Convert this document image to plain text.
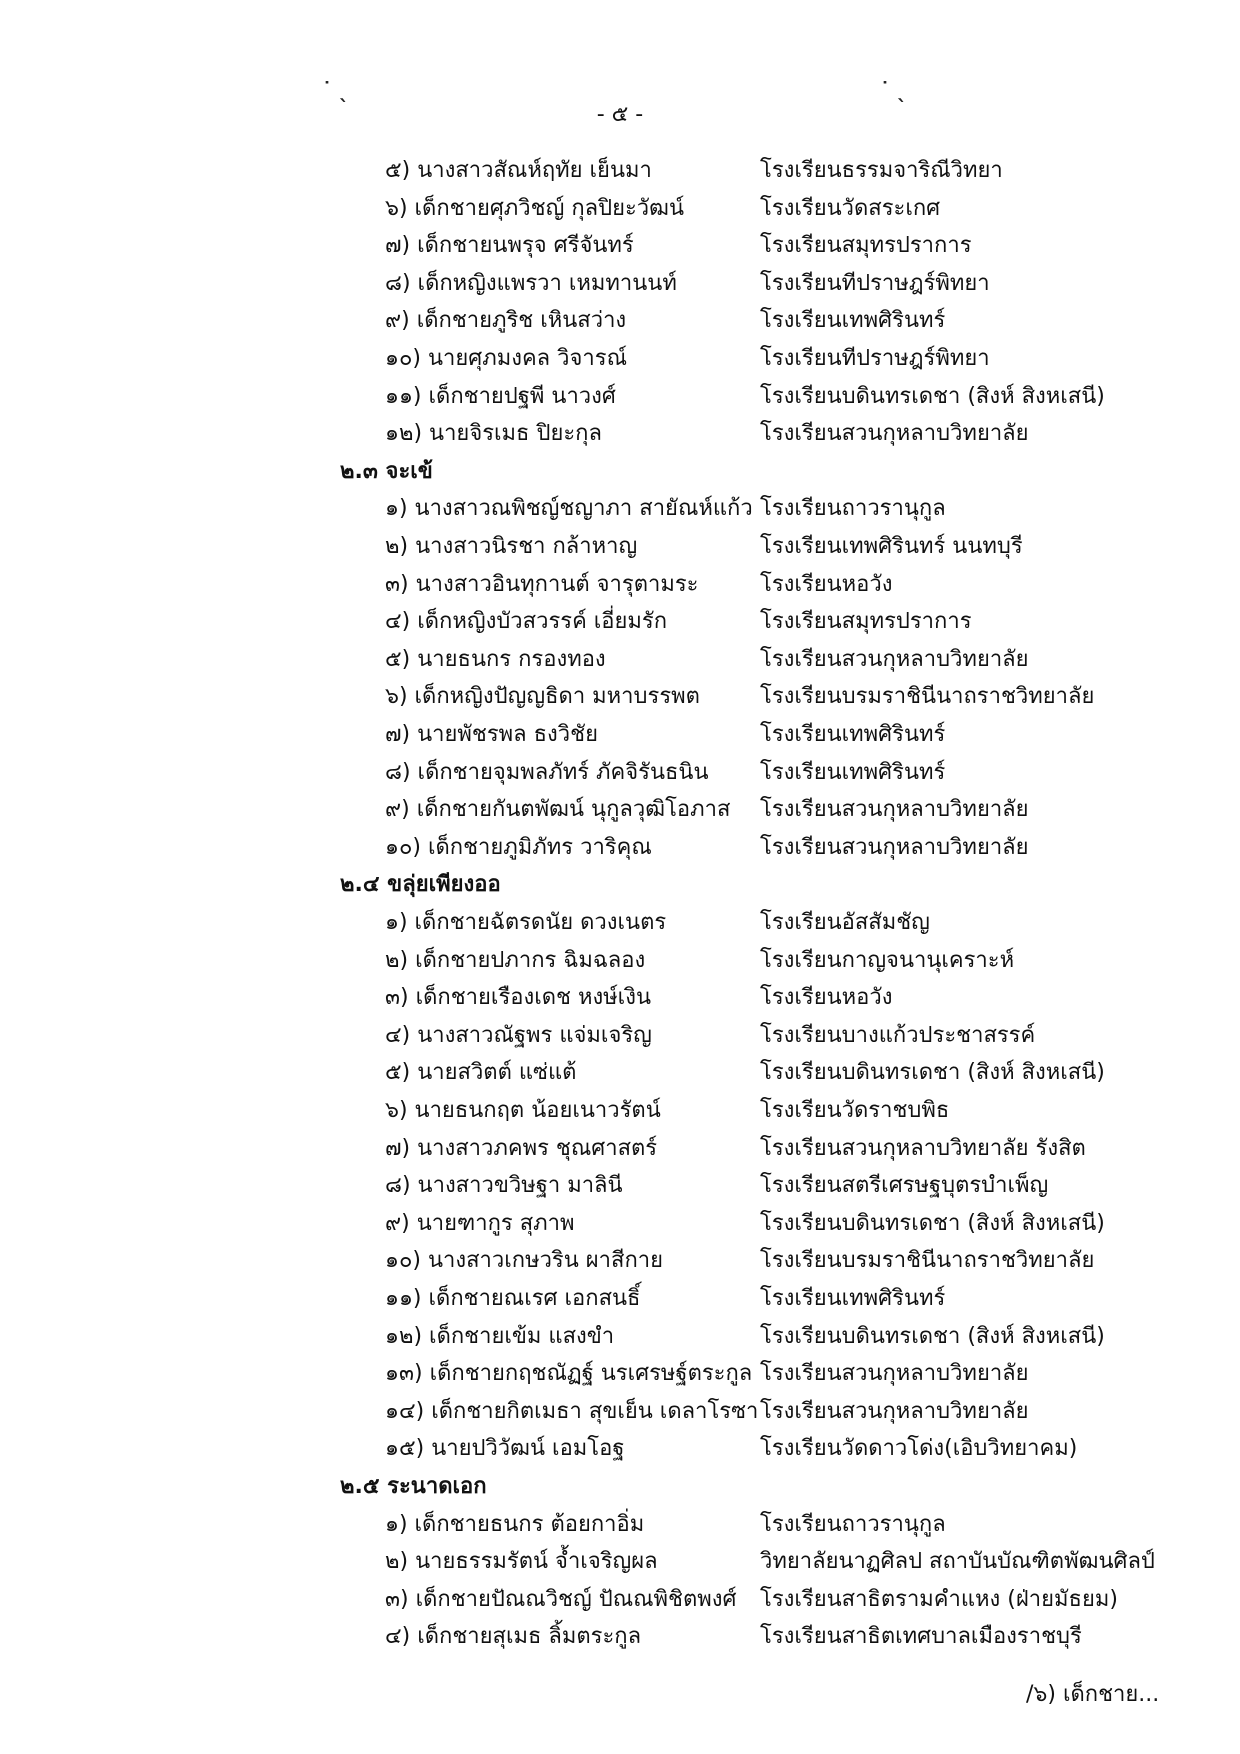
˙ ˎ	˙ ˎ
- ๕ -
๕) นางสาวสัณห์ฤทัย เย็นมา	โรงเรียนธรรมจาริณีวิทยา
๖) เด็กชายศุภวิชญ์ กุลปิยะวัฒน์	โรงเรียนวัดสระเกศ
๗) เด็กชายนพรุจ ศรีจันทร์	โรงเรียนสมุทรปราการ
๘) เด็กหญิงแพรวา เหมทานนท์	โรงเรียนทีปราษฎร์พิทยา
๙) เด็กชายภูริช เหินสว่าง	โรงเรียนเทพศิรินทร์
๑๐) นายศุภมงคล วิจารณ์	โรงเรียนทีปราษฎร์พิทยา
๑๑) เด็กชายปฐพี นาวงศ์	โรงเรียนบดินทรเดชา (สิงห์ สิงหเสนี)
๑๒) นายจิรเมธ ปิยะกุล	โรงเรียนสวนกุหลาบวิทยาลัย
๒.๓ จะเข้
๑) นางสาวณพิชญ์ชญาภา สายัณห์แก้ว โรงเรียนถาวรานุกูล
๒) นางสาวนิรชา กล้าหาญ	โรงเรียนเทพศิรินทร์ นนทบุรี
๓) นางสาวอินทุกานต์ จารุตามระ	โรงเรียนหอวัง
๔) เด็กหญิงบัวสวรรค์ เอี่ยมรัก	โรงเรียนสมุทรปราการ
๕) นายธนกร กรองทอง	โรงเรียนสวนกุหลาบวิทยาลัย
๖) เด็กหญิงปัญญธิดา มหาบรรพต	โรงเรียนบรมราชินีนาถราชวิทยาลัย
๗) นายพัชรพล ธงวิชัย	โรงเรียนเทพศิรินทร์
๘) เด็กชายจุมพลภัทร์ ภัคจิรันธนิน โรงเรียนเทพศิรินทร์
๙) เด็กชายกันตพัฒน์ นุกูลวุฒิโอภาส โรงเรียนสวนกุหลาบวิทยาลัย
๑๐) เด็กชายภูมิภัทร วาริคุณ	โรงเรียนสวนกุหลาบวิทยาลัย
๒.๔ ขลุ่ยเพียงออ
๑) เด็กชายฉัตรดนัย ดวงเนตร	โรงเรียนอัสสัมชัญ
๒) เด็กชายปภากร ฉิมฉลอง	โรงเรียนกาญจนานุเคราะห์
๓) เด็กชายเรืองเดช หงษ์เงิน	โรงเรียนหอวัง
๔) นางสาวณัฐพร แจ่มเจริญ	โรงเรียนบางแก้วประชาสรรค์
๕) นายสวิตต์ แซ่แต้	โรงเรียนบดินทรเดชา (สิงห์ สิงหเสนี)
๖) นายธนกฤต น้อยเนาวรัตน์	โรงเรียนวัดราชบพิธ
๗) นางสาวภคพร ชุณศาสตร์	โรงเรียนสวนกุหลาบวิทยาลัย รังสิต
๘) นางสาวขวิษฐา มาลินี	โรงเรียนสตรีเศรษฐบุตรบำเพ็ญ
๙) นายฑากูร สุภาพ	โรงเรียนบดินทรเดชา (สิงห์ สิงหเสนี)
๑๐) นางสาวเกษวริน ผาสีกาย	โรงเรียนบรมราชินีนาถราชวิทยาลัย
๑๑) เด็กชายณเรศ เอกสนธิ์	โรงเรียนเทพศิรินทร์
๑๒) เด็กชายเข้ม แสงขำ	โรงเรียนบดินทรเดชา (สิงห์ สิงหเสนี)
๑๓) เด็กชายกฤชณัฏฐ์ นรเศรษฐ์ตระกูล โรงเรียนสวนกุหลาบวิทยาลัย
๑๔) เด็กชายกิตเมธา สุขเย็น เดลาโรซา โรงเรียนสวนกุหลาบวิทยาลัย
๑๕) นายปวิวัฒน์ เอมโอฐ	โรงเรียนวัดดาวโด่ง(เอิบวิทยาคม)
๒.๕ ระนาดเอก
๑) เด็กชายธนกร ต้อยกาอิ่ม	โรงเรียนถาวรานุกูล
๒) นายธรรมรัตน์ จ้ำเจริญผล	วิทยาลัยนาฏศิลป สถาบันบัณฑิตพัฒนศิลป์
๓) เด็กชายปัณณวิชญ์ ปัณณพิชิตพงศ์ โรงเรียนสาธิตรามคำแหง (ฝ่ายมัธยม)
๔) เด็กชายสุเมธ ลิ้มตระกูล	โรงเรียนสาธิตเทศบาลเมืองราชบุรี
/๖) เด็กชาย...
